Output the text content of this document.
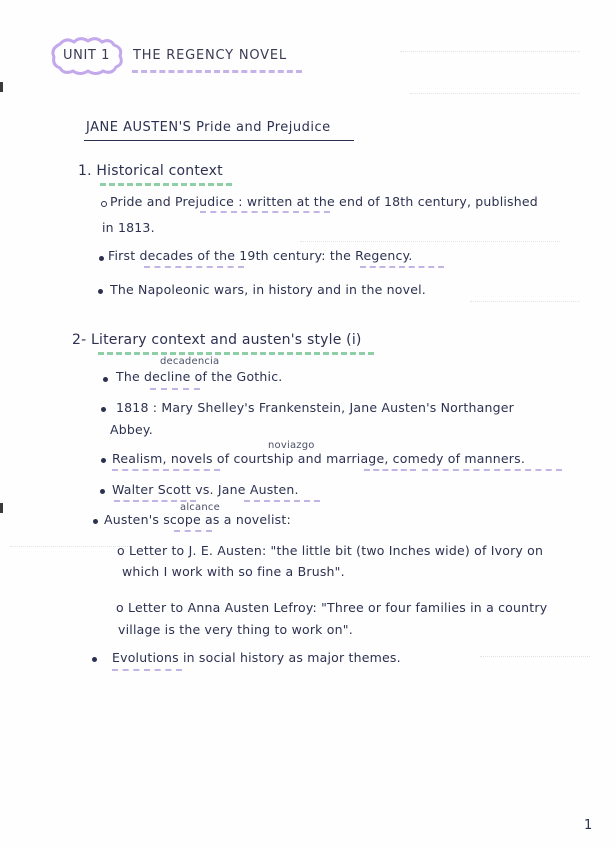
UNIT 1 THE REGENCY NOVEL
JANE AUSTEN'S Pride and Prejudice
1. Historical context
Pride and Prejudice : written at the end of 18th century, published
in 1813.
First decades of the 19th century: the Regency.
The Napoleonic wars, in history and in the novel.
2- Literary context and austen's style (i)
decadencia
The decline of the Gothic.
1818 : Mary Shelley's Frankenstein, Jane Austen's Northanger
Abbey.
noviazgo
Realism, novels of courtship and marriage, comedy of manners.
Walter Scott vs. Jane Austen.
alcance
Austen's scope as a novelist:
o Letter to J. E. Austen: "the little bit (two Inches wide) of Ivory on
which I work with so fine a Brush".
o Letter to Anna Austen Lefroy: "Three or four families in a country
village is the very thing to work on".
Evolutions in social history as major themes.
1
